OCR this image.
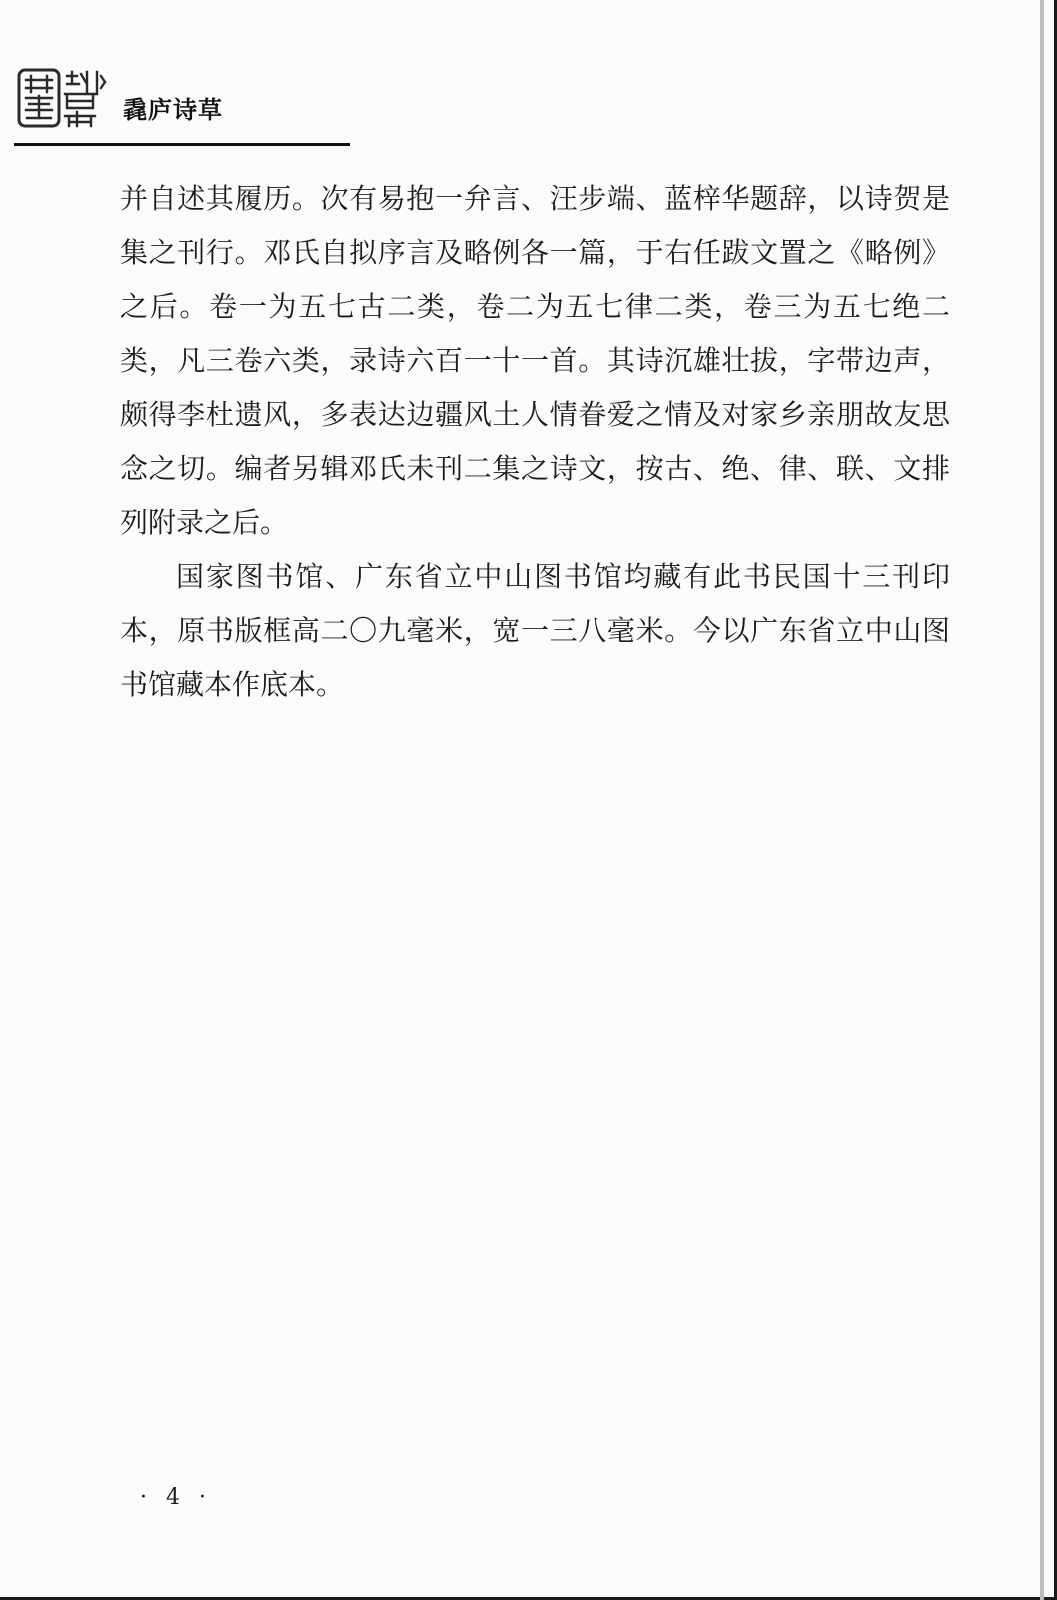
毳庐诗草

并自述其履历。次有易抱一弁言、汪步端、蓝梓华题辞，以诗贺是集之刊行。邓氏自拟序言及略例各一篇，于右任跋文置之《略例》之后。卷一为五七古二类，卷二为五七律二类，卷三为五七绝二类，凡三卷六类，录诗六百一十一首。其诗沉雄壮拔，字带边声，颇得李杜遗风，多表达边疆风土人情眷爱之情及对家乡亲朋故友思念之切。编者另辑邓氏未刊二集之诗文，按古、绝、律、联、文排列附录之后。

国家图书馆、广东省立中山图书馆均藏有此书民国十三刊印本，原书版框高二〇九毫米，宽一三八毫米。今以广东省立中山图书馆藏本作底本。

· 4 ·
